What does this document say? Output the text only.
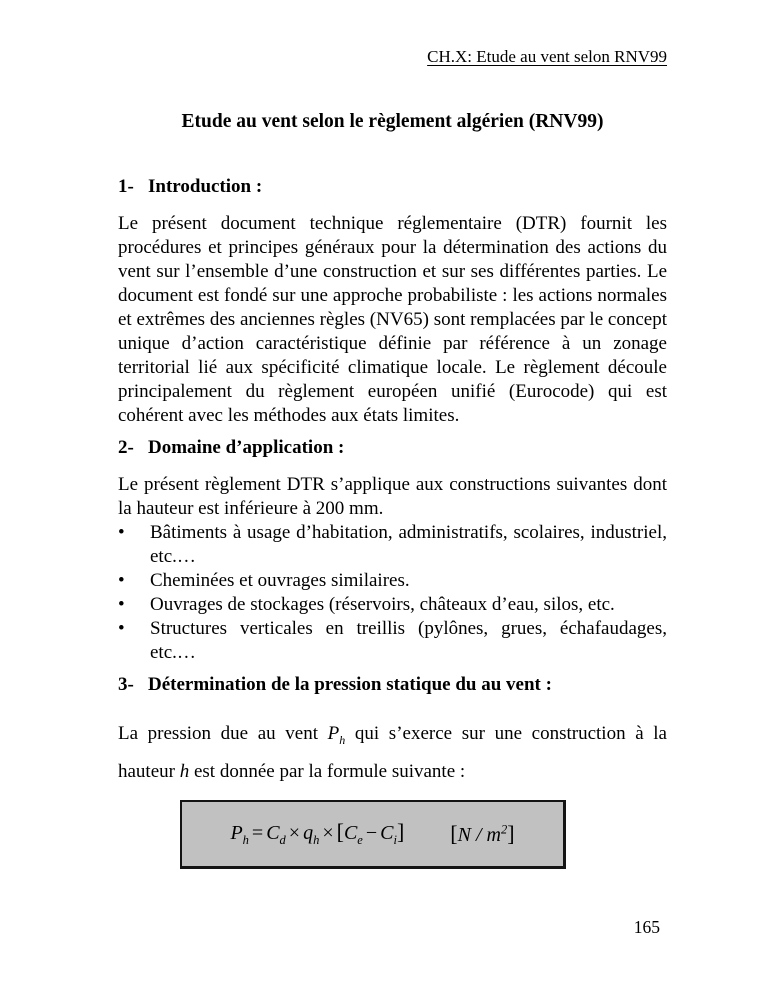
CH.X: Etude au vent selon RNV99
Etude au vent selon le règlement algérien (RNV99)
1- Introduction :

Le présent document technique réglementaire (DTR) fournit les procédures et principes généraux pour la détermination des actions du vent sur l’ensemble d’une construction et sur ses différentes parties. Le document est fondé sur une approche probabiliste : les actions normales et extrêmes des anciennes règles (NV65) sont remplacées par le concept unique d’action caractéristique définie par référence à un zonage territorial lié aux spécificité climatique locale. Le règlement découle principalement du règlement européen unifié (Eurocode) qui est cohérent avec les méthodes aux états limites.

2- Domaine d’application :

Le présent règlement DTR s’applique aux constructions suivantes dont la hauteur est inférieure à 200 mm.

•	Bâtiments à usage d’habitation, administratifs, scolaires, industriel, etc.…
•	Cheminées et ouvrages similaires.
•	Ouvrages de stockages (réservoirs, châteaux d’eau, silos, etc.
•	Structures verticales en treillis (pylônes, grues, échafaudages, etc.…
3- Détermination de la pression statique du au vent :

La pression due au vent $P_h$ qui s’exerce sur une construction à la hauteur h est donnée par la formule suivante :

$P_h = C_d \times q_h \times [C_e - C_i]$ $[N / m^2]$
165
